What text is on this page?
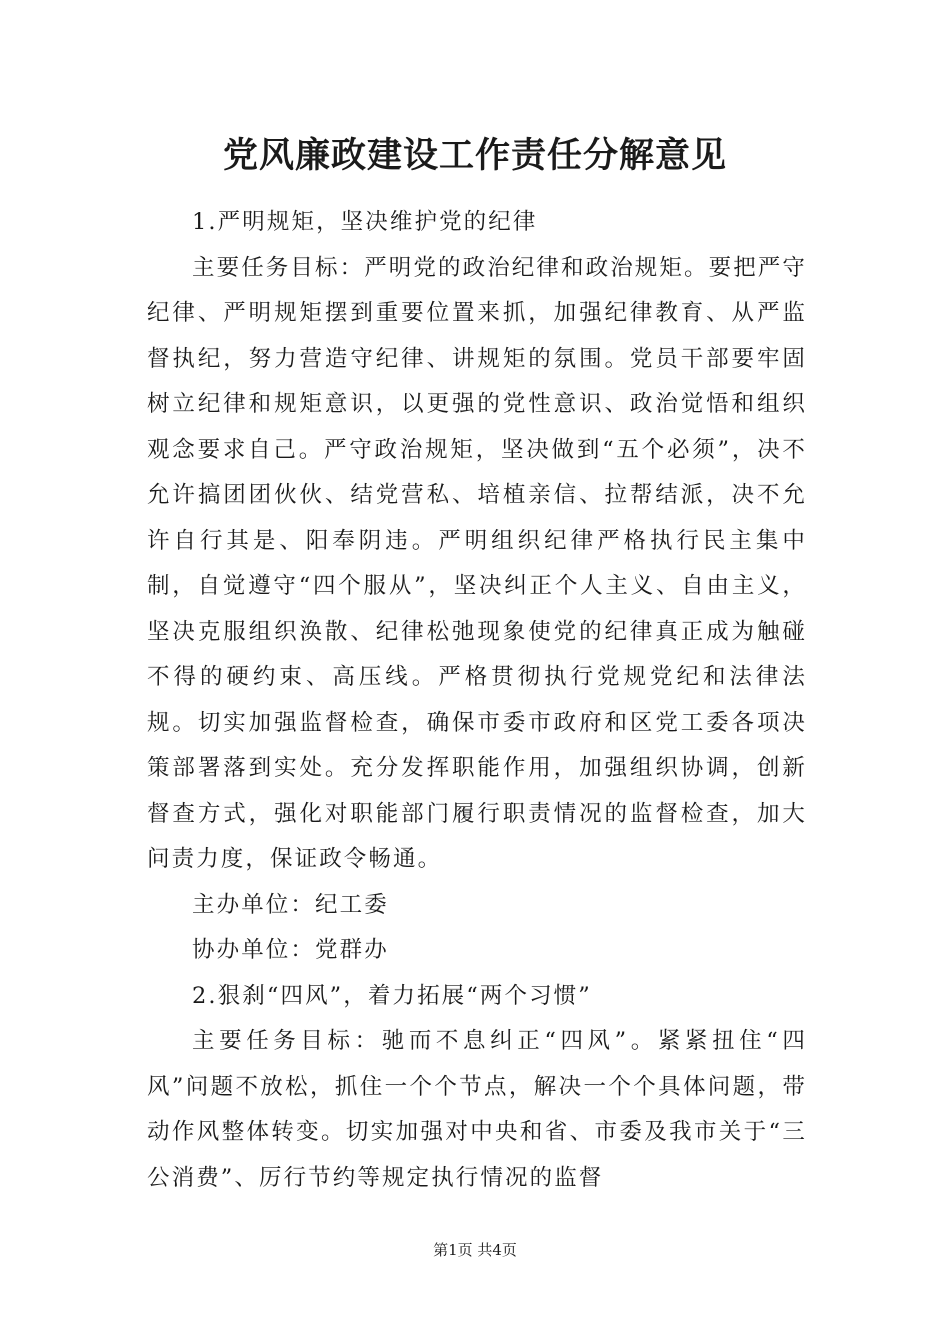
党风廉政建设工作责任分解意见

1.严明规矩，坚决维护党的纪律

主要任务目标：严明党的政治纪律和政治规矩。要把严守纪律、严明规矩摆到重要位置来抓，加强纪律教育、从严监督执纪，努力营造守纪律、讲规矩的氛围。党员干部要牢固树立纪律和规矩意识，以更强的党性意识、政治觉悟和组织观念要求自己。严守政治规矩，坚决做到“五个必须”，决不允许搞团团伙伙、结党营私、培植亲信、拉帮结派，决不允许自行其是、阳奉阴违。严明组织纪律严格执行民主集中制，自觉遵守“四个服从”，坚决纠正个人主义、自由主义，坚决克服组织涣散、纪律松弛现象使党的纪律真正成为触碰不得的硬约束、高压线。严格贯彻执行党规党纪和法律法规。切实加强监督检查，确保市委市政府和区党工委各项决策部署落到实处。充分发挥职能作用，加强组织协调，创新督查方式，强化对职能部门履行职责情况的监督检查，加大问责力度，保证政令畅通。

主办单位：纪工委

协办单位：党群办

2.狠刹“四风”，着力拓展“两个习惯”

主要任务目标：驰而不息纠正“四风”。紧紧扭住“四风”问题不放松，抓住一个个节点，解决一个个具体问题，带动作风整体转变。切实加强对中央和省、市委及我市关于“三公消费”、厉行节约等规定执行情况的监督

第1页 共4页
